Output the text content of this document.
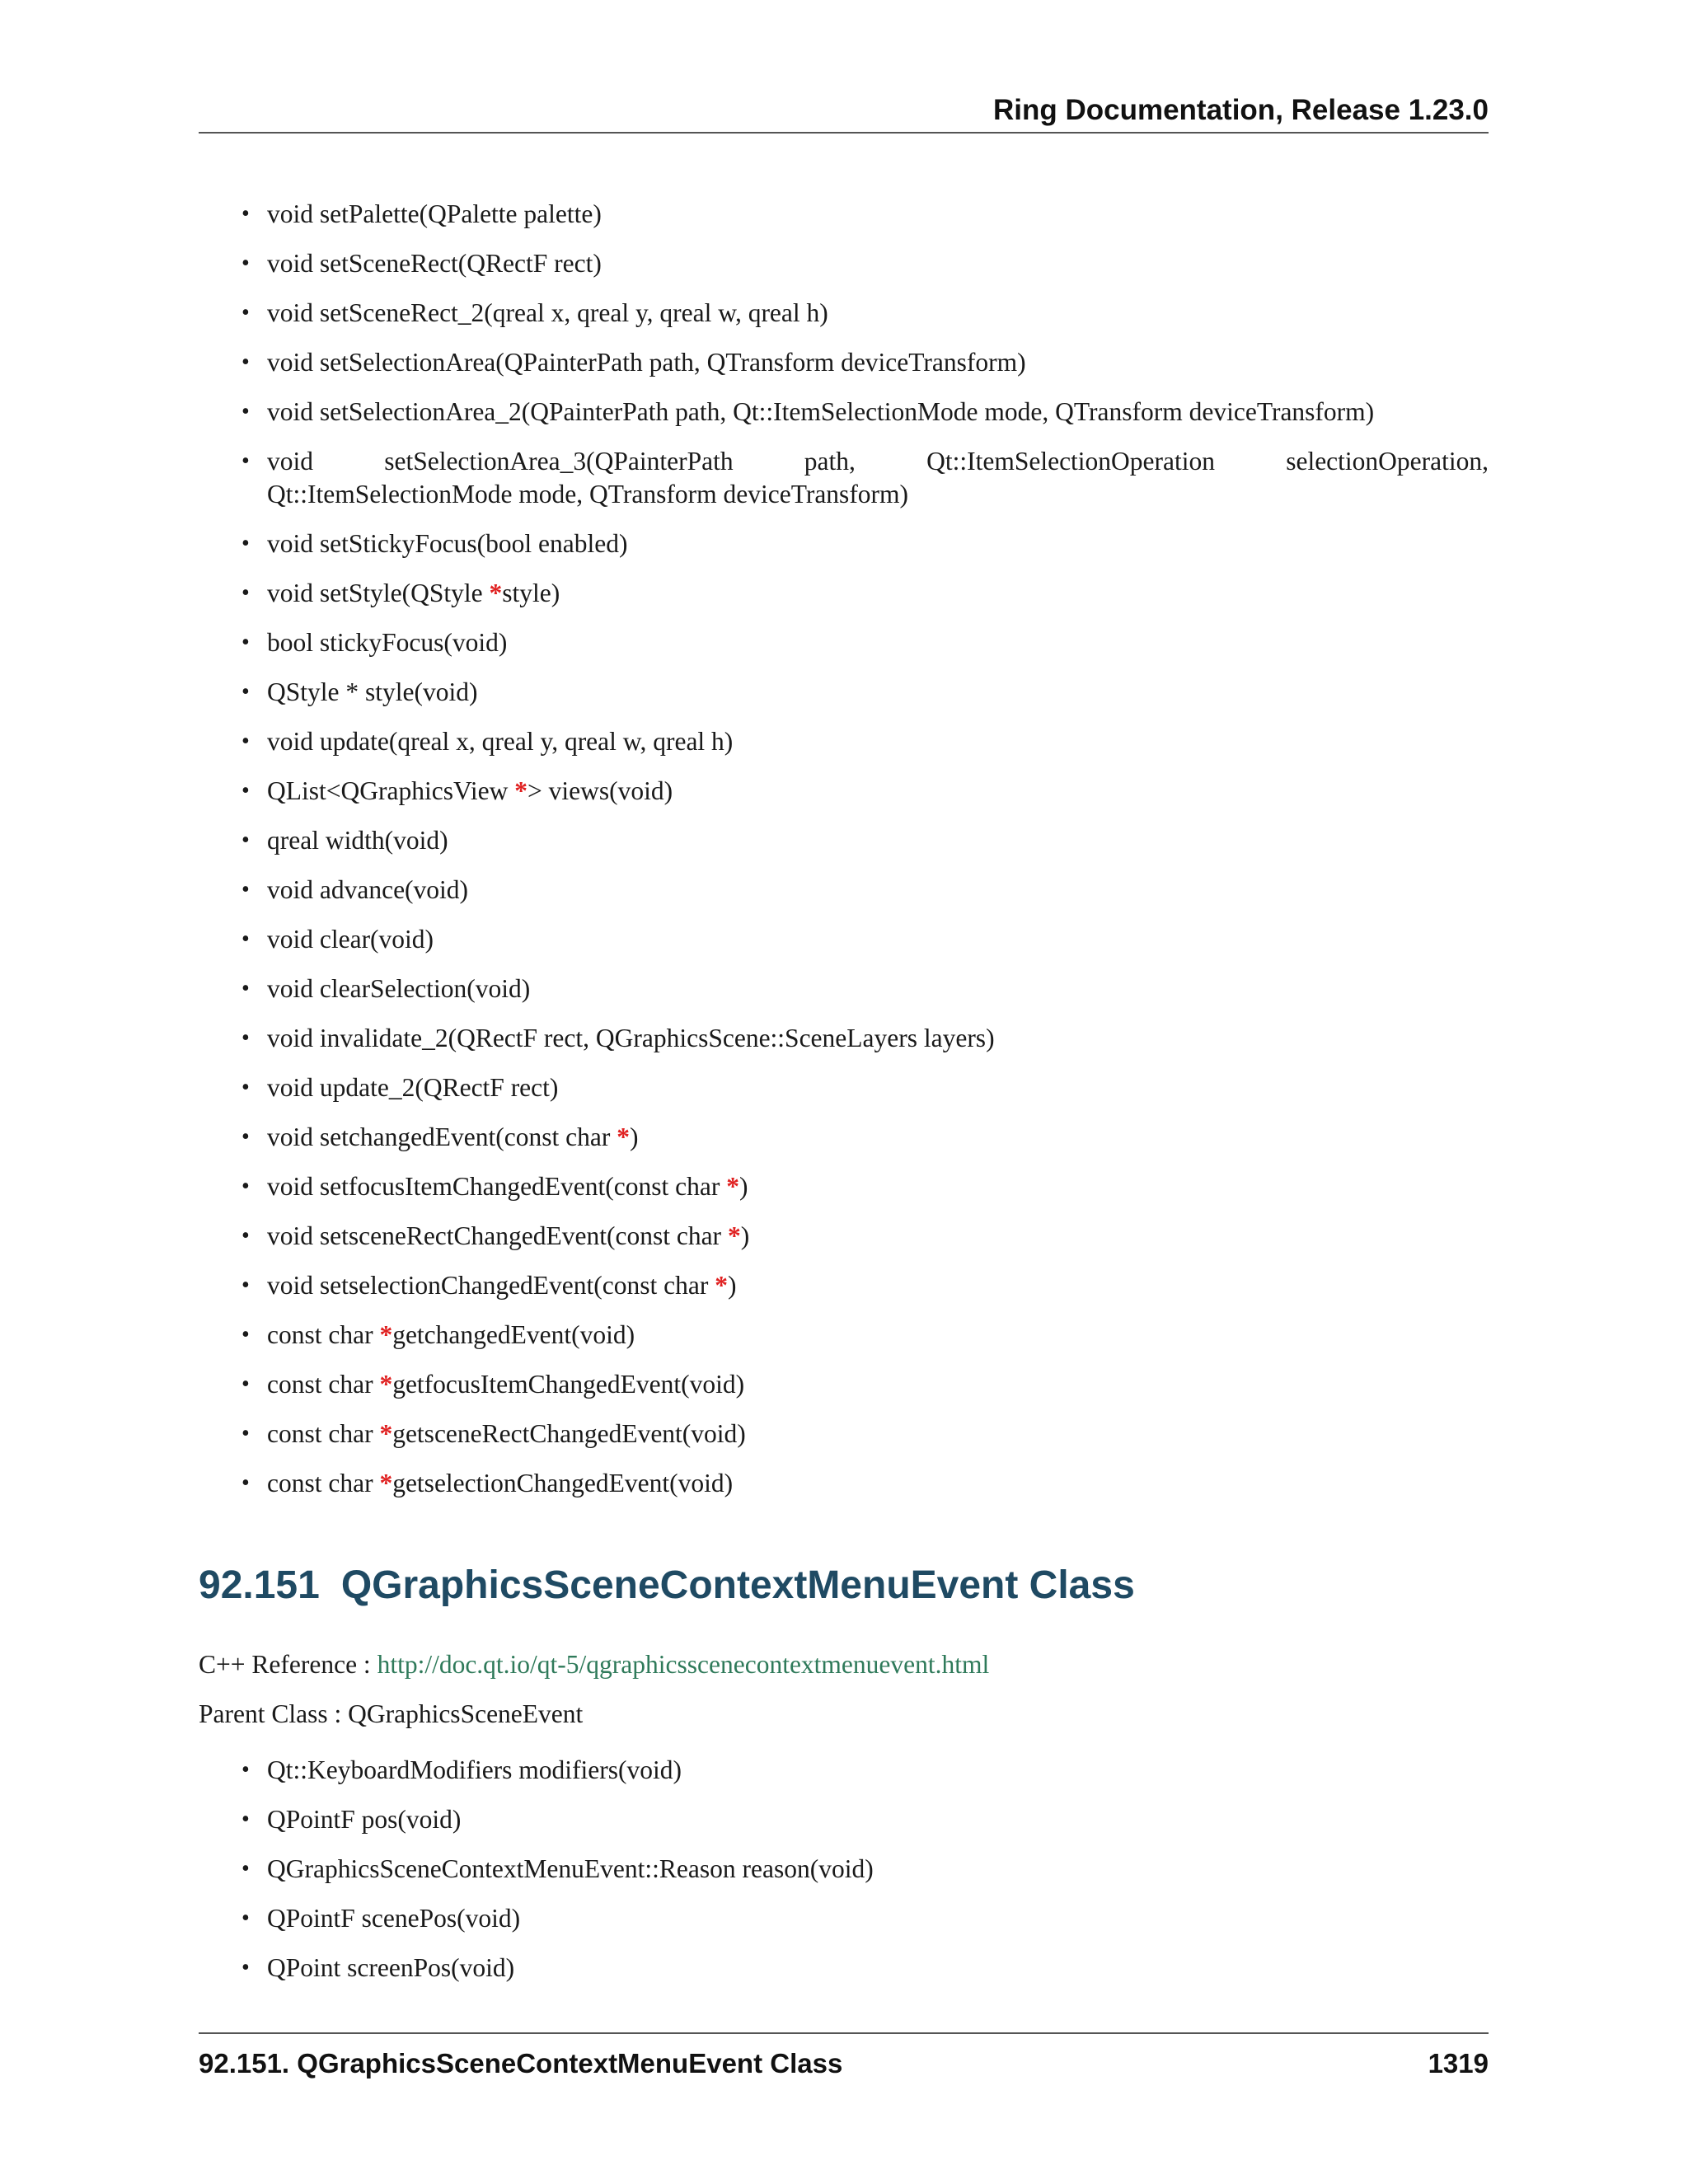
Ring Documentation, Release 1.23.0
• void setPalette(QPalette palette)
• void setSceneRect(QRectF rect)
• void setSceneRect_2(qreal x, qreal y, qreal w, qreal h)
• void setSelectionArea(QPainterPath path, QTransform deviceTransform)
• void setSelectionArea_2(QPainterPath path, Qt::ItemSelectionMode mode, QTransform deviceTransform)
• void setSelectionArea_3(QPainterPath path, Qt::ItemSelectionOperation selectionOperation,
Qt::ItemSelectionMode mode, QTransform deviceTransform)
• void setStickyFocus(bool enabled)
• void setStyle(QStyle *style)
• bool stickyFocus(void)
• QStyle * style(void)
• void update(qreal x, qreal y, qreal w, qreal h)
• QList<QGraphicsView *> views(void)
• qreal width(void)
• void advance(void)
• void clear(void)
• void clearSelection(void)
• void invalidate_2(QRectF rect, QGraphicsScene::SceneLayers layers)
• void update_2(QRectF rect)
• void setchangedEvent(const char *)
• void setfocusItemChangedEvent(const char *)
• void setsceneRectChangedEvent(const char *)
• void setselectionChangedEvent(const char *)
• const char *getchangedEvent(void)
• const char *getfocusItemChangedEvent(void)
• const char *getsceneRectChangedEvent(void)
• const char *getselectionChangedEvent(void)
92.151 QGraphicsSceneContextMenuEvent Class
C++ Reference : http://doc.qt.io/qt-5/qgraphicsscenecontextmenuevent.html
Parent Class : QGraphicsSceneEvent
• Qt::KeyboardModifiers modifiers(void)
• QPointF pos(void)
• QGraphicsSceneContextMenuEvent::Reason reason(void)
• QPointF scenePos(void)
• QPoint screenPos(void)
92.151. QGraphicsSceneContextMenuEvent Class	1319
